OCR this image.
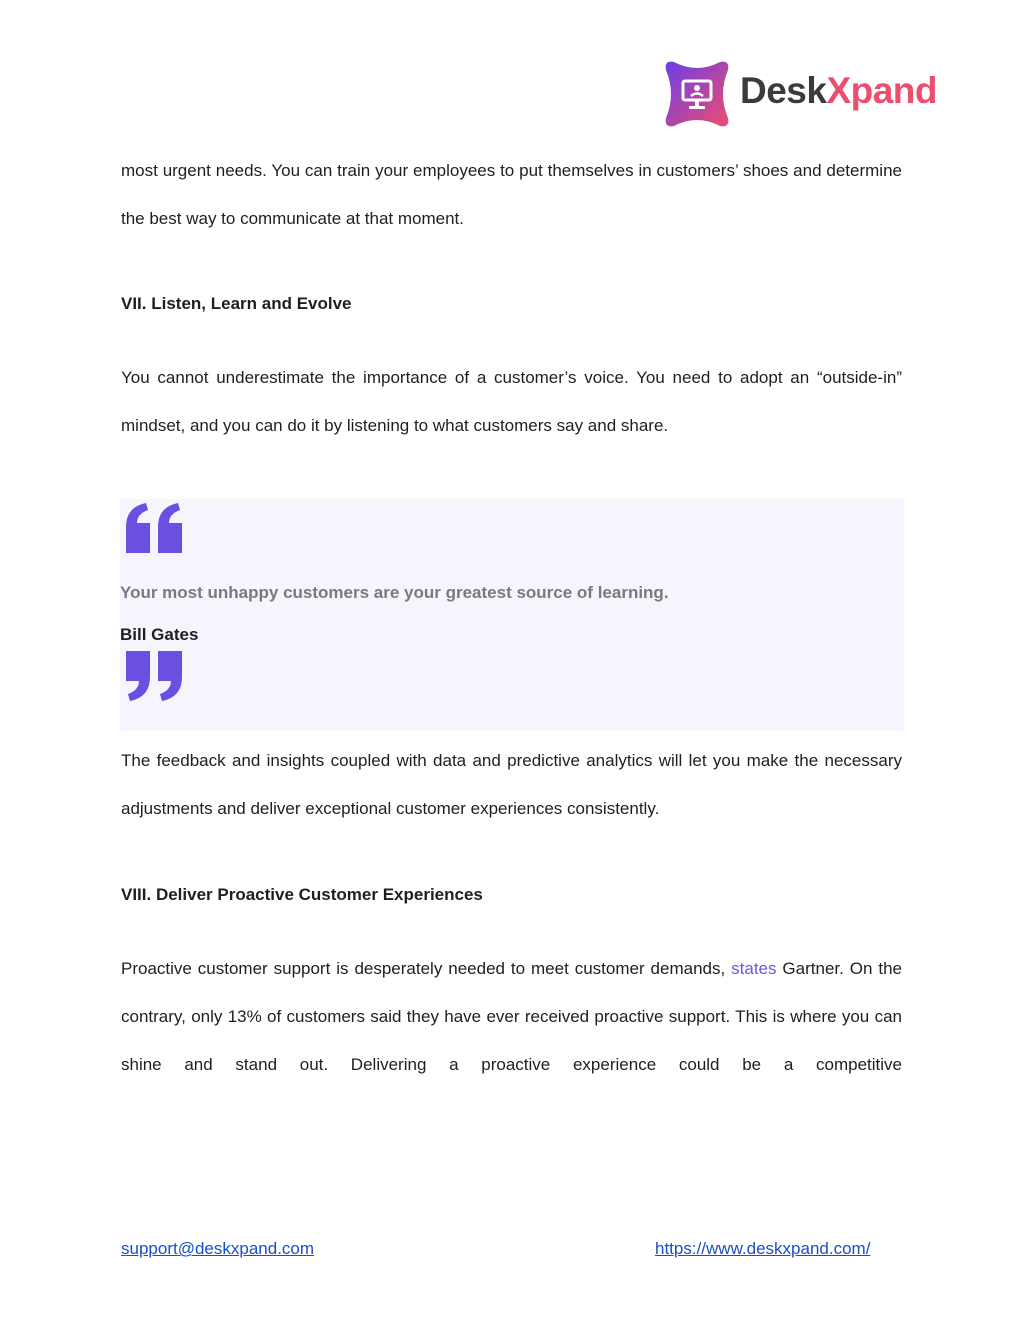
DeskXpand

most urgent needs. You can train your employees to put themselves in customers’ shoes and determine the best way to communicate at that moment.

VII. Listen, Learn and Evolve

You cannot underestimate the importance of a customer’s voice. You need to adopt an “outside-in” mindset, and you can do it by listening to what customers say and share.

Your most unhappy customers are your greatest source of learning.

Bill Gates

The feedback and insights coupled with data and predictive analytics will let you make the necessary adjustments and deliver exceptional customer experiences consistently.

VIII. Deliver Proactive Customer Experiences

Proactive customer support is desperately needed to meet customer demands, states Gartner. On the contrary, only 13% of customers said they have ever received proactive support. This is where you can shine and stand out. Delivering a proactive experience could be a competitive

support@deskxpand.com	https://www.deskxpand.com/
